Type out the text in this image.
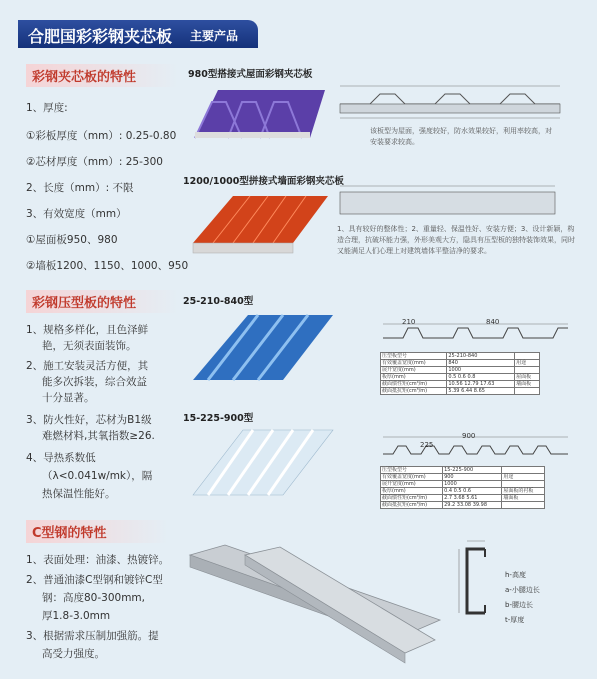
合肥国彩彩钢夹芯板 主要产品
彩钢夹芯板的特性
1、厚度:
①彩板厚度（mm）: 0.25-0.80
②芯材厚度（mm）: 25-300
2、长度（mm）: 不限
3、有效宽度（mm）
①屋面板950、980
②墙板1200、1150、1000、950
彩钢压型板的特性
1、规格多样化，且色泽鲜
艳，无须表面装饰。
2、施工安装灵活方便，其
能多次拆装，综合效益
十分显著。
3、防火性好，芯材为B1级
难燃材料,其氧指数≥26.
4、导热系数低
（λ<0.041w/mk），隔
热保温性能好。
C型钢的特性
1、表面处理：油漆、热镀锌。
2、普通油漆C型钢和镀锌C型
钢：高度80-300mm,
厚1.8-3.0mm
3、根据需求压制加强筋。提
高受力强度。
980型搭接式屋面彩钢夹芯板
该板型为屋面，强度较好，防水效果较好，利用率较高，对安装要求较高。
1200/1000型拼接式墙面彩钢夹芯板
1、具有较好的整体性；2、重量轻、保温性好、安装方便；3、设计新颖，构造合理，抗破坏能力强，外形美观大方，隐具有压型板的独特装饰效果，同时又能满足人们心理上对建筑墙体平整洁净的要求。
25-210-840型
210	840
压型板型号	25-210-840	
有效覆盖宽度(mm)	840	用途
展开宽度(mm)	1000	
板厚(mm)	0.5 0.6 0.8	屋面板
截面惯性矩(cm⁴/m)	10.56 12.79 17.63	墙面板
截面抵抗矩(cm³/m)	5.39 6.44 8.65	
15-225-900型
900
225
压型板型号	15-225-900	
有效覆盖宽度(mm)	900	用途
展开宽度(mm)	1000	
板厚(mm)	0.4 0.5 0.6	屋面板的衬板
截面惯性矩(cm⁴/m)	2.7 3.68 5.61	墙面板
截面抵抗矩(cm³/m)	29.2 33.08 39.98	
h-高度
a-小腿边长
b-腰边长
t-厚度
